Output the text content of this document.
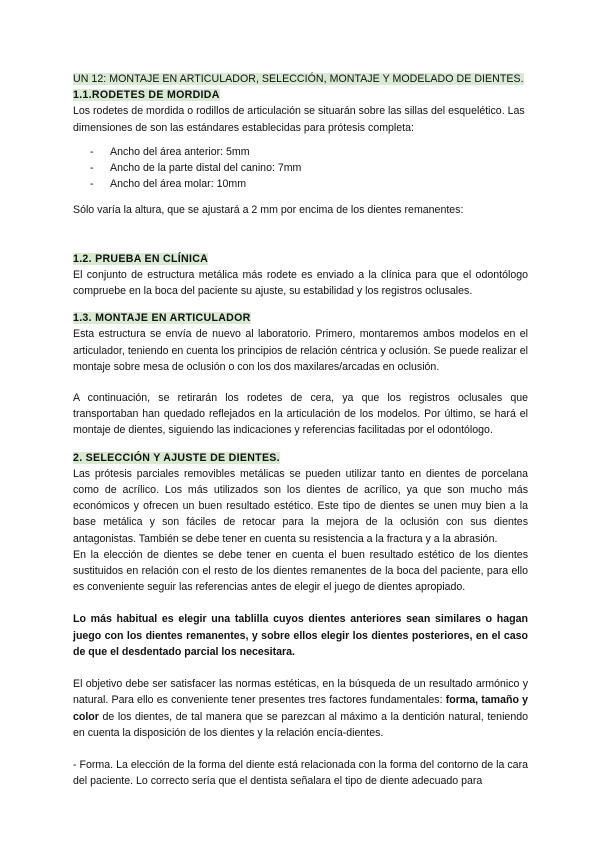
UN 12: MONTAJE EN ARTICULADOR, SELECCIÓN, MONTAJE Y MODELADO DE DIENTES.
1.1.RODETES DE MORDIDA

Los rodetes de mordida o rodillos de articulación se situarán sobre las sillas del esquelético. Las dimensiones de son las estándares establecidas para prótesis completa:

- Ancho del área anterior: 5mm
- Ancho de la parte distal del canino: 7mm
- Ancho del área molar: 10mm

Sólo varía la altura, que se ajustará a 2 mm por encima de los dientes remanentes:

1.2. PRUEBA EN CLÍNICA

El conjunto de estructura metálica más rodete es enviado a la clínica para que el odontólogo compruebe en la boca del paciente su ajuste, su estabilidad y los registros oclusales.

1.3. MONTAJE EN ARTICULADOR

Esta estructura se envía de nuevo al laboratorio. Primero, montaremos ambos modelos en el articulador, teniendo en cuenta los principios de relación céntrica y oclusión. Se puede realizar el montaje sobre mesa de oclusión o con los dos maxilares/arcadas en oclusión.

A continuación, se retirarán los rodetes de cera, ya que los registros oclusales que transportaban han quedado reflejados en la articulación de los modelos. Por último, se hará el montaje de dientes, siguiendo las indicaciones y referencias facilitadas por el odontólogo.

2. SELECCIÓN Y AJUSTE DE DIENTES.

Las prótesis parciales removibles metálicas se pueden utilizar tanto en dientes de porcelana como de acrílico. Los más utilizados son los dientes de acrílico, ya que son mucho más económicos y ofrecen un buen resultado estético. Este tipo de dientes se unen muy bien a la base metálica y son fáciles de retocar para la mejora de la oclusión con sus dientes antagonistas. También se debe tener en cuenta su resistencia a la fractura y a la abrasión.

En la elección de dientes se debe tener en cuenta el buen resultado estético de los dientes sustituidos en relación con el resto de los dientes remanentes de la boca del paciente, para ello es conveniente seguir las referencias antes de elegir el juego de dientes apropiado.

Lo más habitual es elegir una tablilla cuyos dientes anteriores sean similares o hagan juego con los dientes remanentes, y sobre ellos elegir los dientes posteriores, en el caso de que el desdentado parcial los necesitara.

El objetivo debe ser satisfacer las normas estéticas, en la búsqueda de un resultado armónico y natural. Para ello es conveniente tener presentes tres factores fundamentales: forma, tamaño y color de los dientes, de tal manera que se parezcan al máximo a la dentición natural, teniendo en cuenta la disposición de los dientes y la relación encía-dientes.

- Forma. La elección de la forma del diente está relacionada con la forma del contorno de la cara del paciente. Lo correcto sería que el dentista señalara el tipo de diente adecuado para
